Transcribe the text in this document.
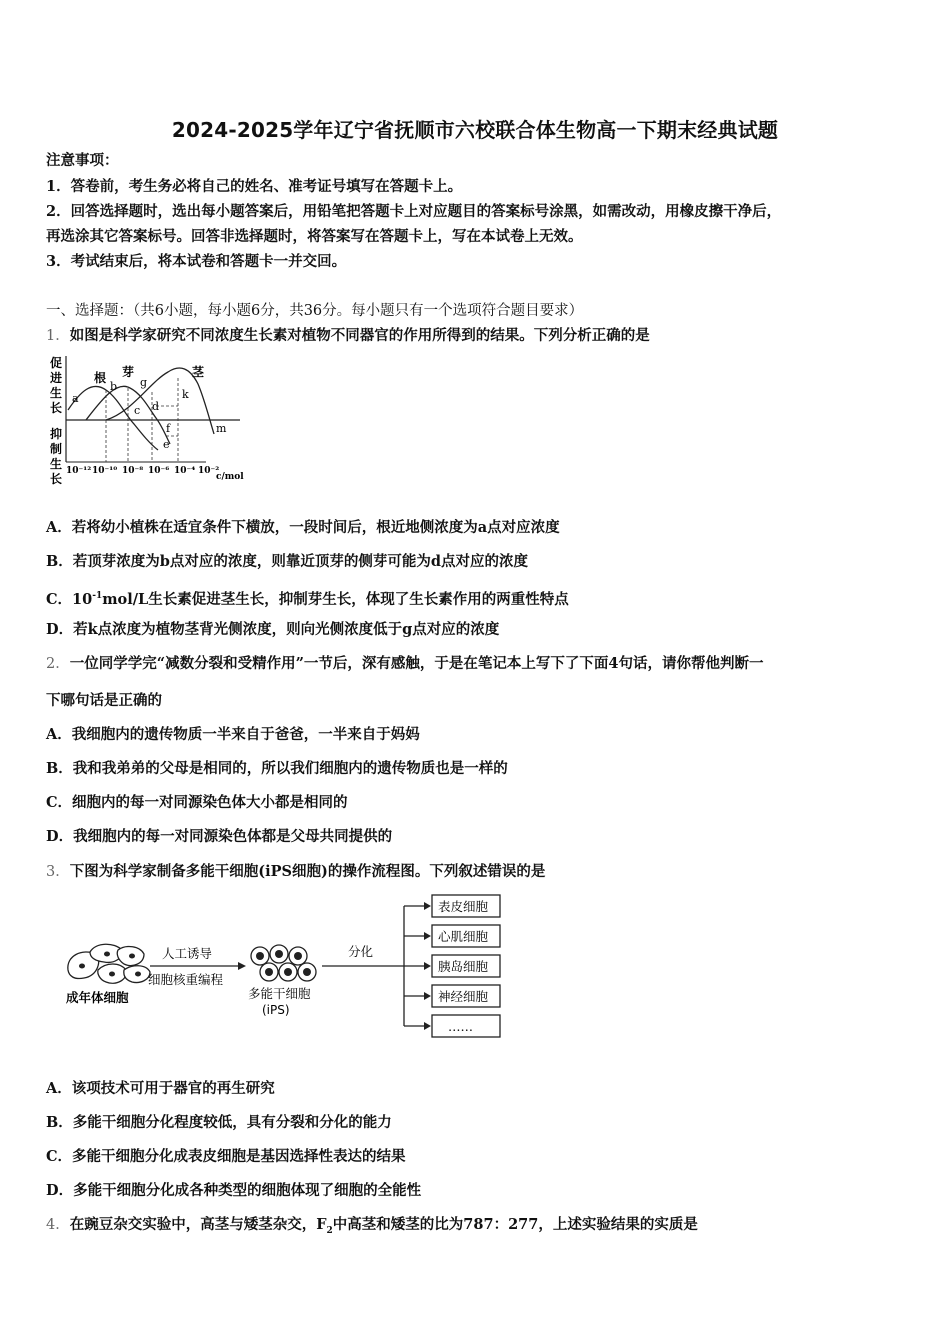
2024-2025学年辽宁省抚顺市六校联合体生物高一下期末经典试题
注意事项：
1．答卷前，考生务必将自己的姓名、准考证号填写在答题卡上。
2．回答选择题时，选出每小题答案后，用铅笔把答题卡上对应题目的答案标号涂黑，如需改动，用橡皮擦干净后，
再选涂其它答案标号。回答非选择题时，将答案写在答题卡上，写在本试卷上无效。
3．考试结束后，将本试卷和答题卡一并交回。
一、选择题：（共6小题，每小题6分，共36分。每小题只有一个选项符合题目要求）
1．如图是科学家研究不同浓度生长素对植物不同器官的作用所得到的结果。下列分析正确的是
促
进
生
长
抑
制
生
长
根 芽	茎
a
b g
c d
k
f
e
m
10⁻¹² 10⁻¹⁰ 10⁻⁸ 10⁻⁶ 10⁻⁴ 10⁻²
c/mol
A．若将幼小植株在适宜条件下横放，一段时间后，根近地侧浓度为a点对应浓度
B．若顶芽浓度为b点对应的浓度，则靠近顶芽的侧芽可能为d点对应的浓度
C．$10^{-1}mol/L$生长素促进茎生长，抑制芽生长，体现了生长素作用的两重性特点
D．若k点浓度为植物茎背光侧浓度，则向光侧浓度低于g点对应的浓度
2．一位同学学完“减数分裂和受精作用”一节后，深有感触，于是在笔记本上写下了下面4句话，请你帮他判断一
下哪句话是正确的
A．我细胞内的遗传物质一半来自于爸爸，一半来自于妈妈
B．我和我弟弟的父母是相同的，所以我们细胞内的遗传物质也是一样的
C．细胞内的每一对同源染色体大小都是相同的
D．我细胞内的每一对同源染色体都是父母共同提供的
3．下图为科学家制备多能干细胞(iPS细胞)的操作流程图。下列叙述错误的是
成年体细胞
人工诱导
细胞核重编程
多能干细胞
(iPS)
分化
表皮细胞
心肌细胞
胰岛细胞
神经细胞
……
A．该项技术可用于器官的再生研究
B．多能干细胞分化程度较低，具有分裂和分化的能力
C．多能干细胞分化成表皮细胞是基因选择性表达的结果
D．多能干细胞分化成各种类型的细胞体现了细胞的全能性
4．在豌豆杂交实验中，高茎与矮茎杂交，$F_2$中高茎和矮茎的比为787：277，上述实验结果的实质是
